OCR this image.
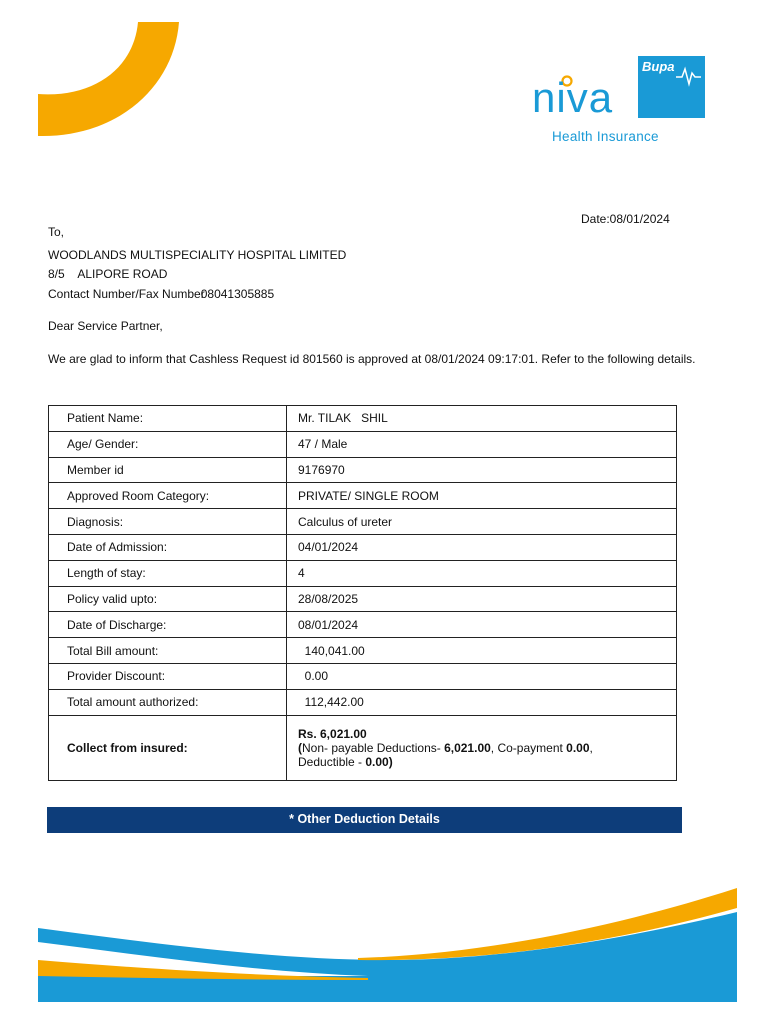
Bupa
niva
Health Insurance
Date:08/01/2024
To,
WOODLANDS MULTISPECIALITY HOSPITAL LIMITED
8/5    ALIPORE ROAD
Contact Number/Fax Number08041305885
Dear Service Partner,
We are glad to inform that Cashless Request id 801560 is approved at 08/01/2024 09:17:01. Refer to the following details.
Patient Name:	Mr. TILAK   SHIL
Age/ Gender:	47 / Male
Member id	9176970
Approved Room Category:	PRIVATE/ SINGLE ROOM
Diagnosis:	Calculus of ureter
Date of Admission:	04/01/2024
Length of stay:	4
Policy valid upto:	28/08/2025
Date of Discharge:	08/01/2024
Total Bill amount:	140,041.00
Provider Discount:	0.00
Total amount authorized:	112,442.00
Collect from insured:	Rs. 6,021.00
(Non- payable Deductions- 6,021.00, Co-payment 0.00,
Deductible - 0.00)
* Other Deduction Details
